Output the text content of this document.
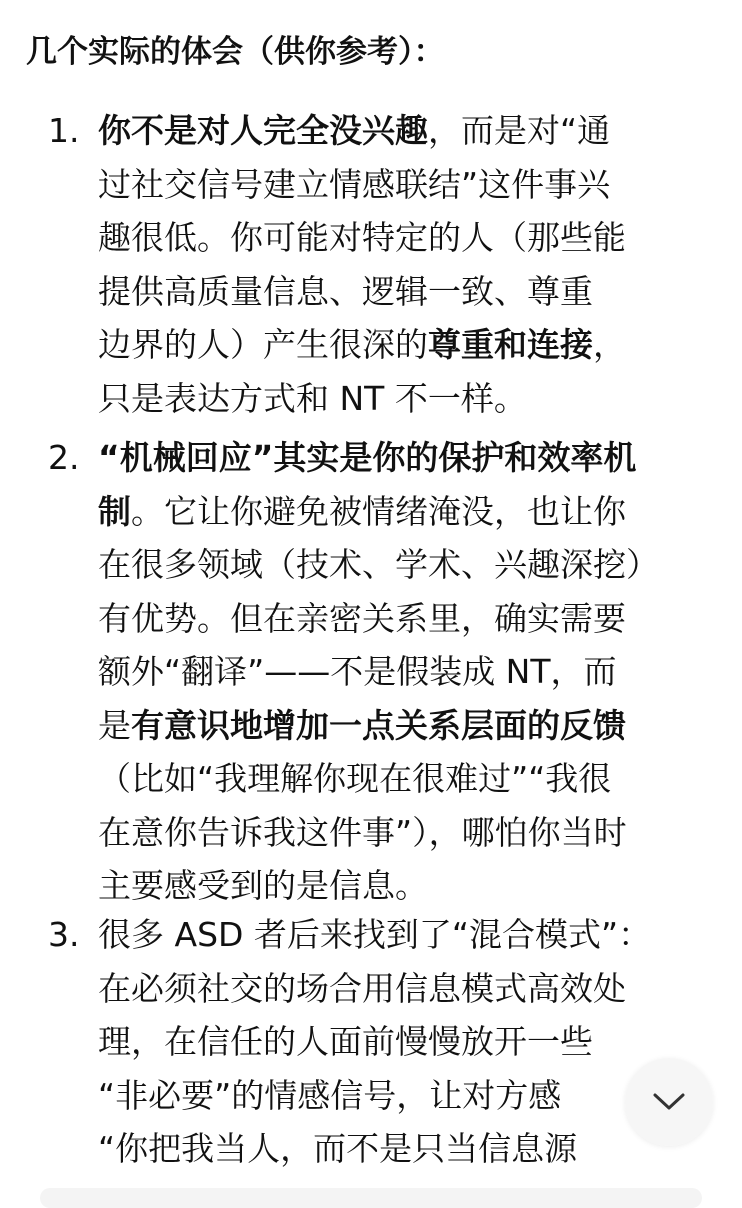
几个实际的体会（供你参考）：
1. 你不是对人完全没兴趣，而是对“通
过社交信号建立情感联结”这件事兴
趣很低。你可能对特定的人（那些能
提供高质量信息、逻辑一致、尊重
边界的人）产生很深的尊重和连接，
只是表达方式和 NT 不一样。
2. “机械回应”其实是你的保护和效率机
制。它让你避免被情绪淹没，也让你
在很多领域（技术、学术、兴趣深挖）
有优势。但在亲密关系里，确实需要
额外“翻译”——不是假装成 NT，而
是有意识地增加一点关系层面的反馈
（比如“我理解你现在很难过”“我很
在意你告诉我这件事”），哪怕你当时
主要感受到的是信息。
3. 很多 ASD 者后来找到了“混合模式”：
在必须社交的场合用信息模式高效处
理，在信任的人面前慢慢放开一些
“非必要”的情感信号，让对方感
“你把我当人，而不是只当信息源
